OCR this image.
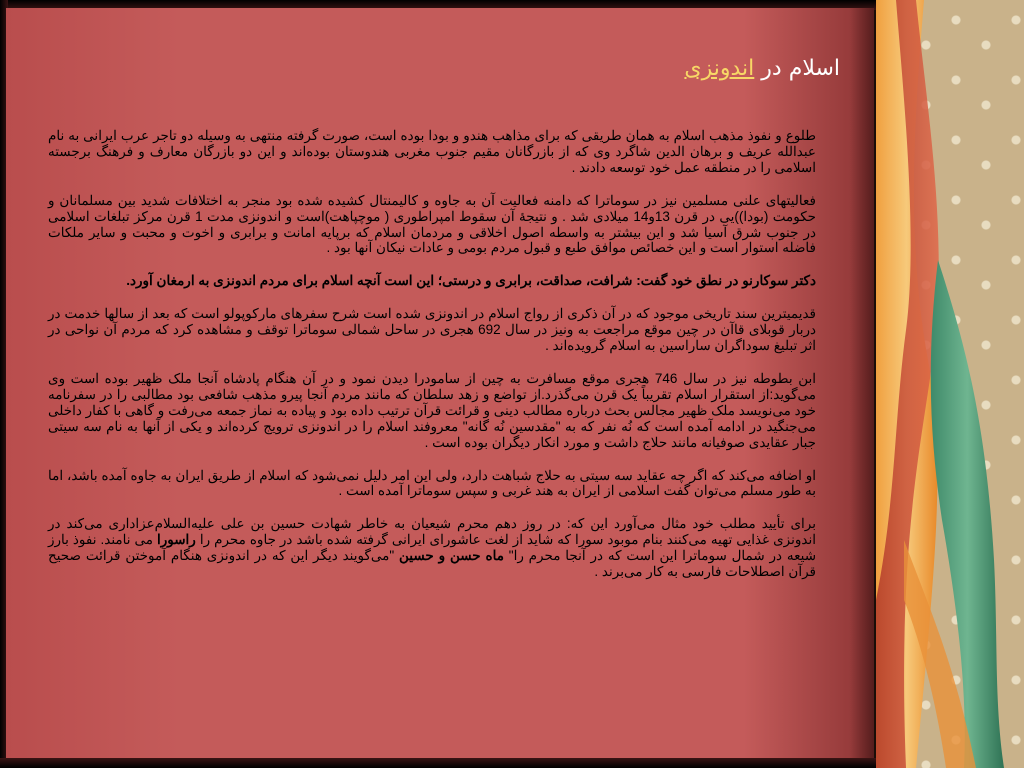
اسلام در اندونزی

طلوع و نفوذ مذهب اسلام به همان طریقی که برای مذاهب هندو و بودا بوده است، صورت گرفته منتهی به وسیله دو تاجر عرب ایرانی به نام عبدالله عریف و برهان الدین شاگرد وی که از بازرگانان مقیم جنوب مغربی هندوستان بوده‌اند و این دو بازرگان معارف و فرهنگ برجسته اسلامی را در منطقه عمل خود توسعه دادند .

فعالیتهای علنی مسلمین نیز در سوماترا که دامنه فعالیت آن به جاوه و کالیمنتال کشیده شده بود منجر به اختلافات شدید بین مسلمانان و حکومت (بودا))یی در قرن 13و14 میلادی شد . و نتیجهٔ آن سقوط امپراطوری ( موچپاهت)است و اندونزی مدت 1 قرن مرکز تبلغات اسلامی در جنوب شرق آسیا شد و این بیشتر به واسطه اصول اخلاقی و مردمان اسلام که برپایه امانت و برابری و اخوت و محبت و سایر ملکات فاضله استوار است و این خصائص موافق طبع و قبول مردم بومی و عادات نیکان آنها بود .

دکتر سوکارنو در نطق خود گفت: شرافت، صداقت، برابری و درستی؛ این است آنچه اسلام برای مردم اندونزی به ارمغان آورد.

قدیمیترین سند تاریخی موجود که در آن ذکری از رواج اسلام در اندونزی شده است شرح سفرهای مارکوپولو است که بعد از سالها خدمت در دربار قوبلای قاآن در چین موقع مراجعت به ونیز در سال 692 هجری در ساحل شمالی سوماترا توقف و مشاهده کرد که مردم آن نواحی در اثر تبلیغ سوداگران ساراسین به اسلام گرویده‌اند .

ابن بطوطه نیز در سال 746 هجری موقع مسافرت به چین از سامودرا دیدن نمود و در آن هنگام پادشاه آنجا ملک ظهیر بوده است وی می‌گوید:از استقرار اسلام تقریباً یک قرن می‌گذرد.از تواضع و زهد سلطان که مانند مردم آنجا پیرو مذهب شافعی بود مطالبی را در سفرنامه خود می‌نویسد ملک ظهیر مجالس بحث درباره مطالب دینی و قرائت قرآن ترتیب داده بود و پیاده به نماز جمعه می‌رفت و گاهی با کفار داخلی می‌جنگید در ادامه آمده است که نُه نفر که به "مقدسین نُه گانه" معروفند اسلام را در اندونزی ترویج کرده‌اند و یکی از آنها به نام سه سیتی جبار عقایدی صوفیانه مانند حلاج داشت و مورد انکار دیگران بوده است .

او اضافه می‌کند که اگر چه عقاید سه سیتی به حلاج شباهت دارد، ولی این امر دلیل نمی‌شود که اسلام از طریق ایران به جاوه آمده باشد، اما به طور مسلم می‌توان گفت اسلامی از ایران به هند غربی و سپس سوماترا آمده است .

برای تأیید مطلب خود مثال می‌آورد این که: در روز دهم محرم شیعیان به خاطر شهادت حسین بن علی علیه‌السلام‌عزاداری می‌کند در اندونزی غذایی تهیه می‌کنند بنام موبود سورا که شاید از لغت عاشورای ایرانی گرفته شده باشد در جاوه محرم را راسورا می نامند. نفوذ بارز شیعه در شمال سوماترا این است که در آنجا محرم را" ماه حسن و حسین "می‌گویند دیگر این که در اندونزی هنگام آموختن قرائت صحیح قرآن اصطلاحات فارسی به کار می‌برند .
